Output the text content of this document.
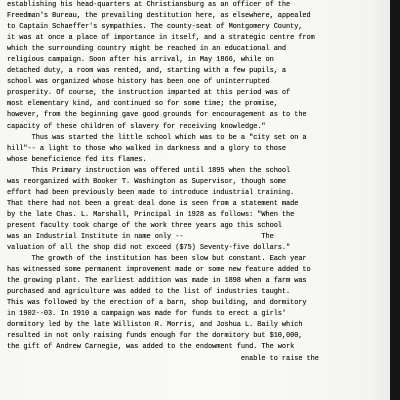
establishing his head-quarters at Christiansburg as an officer of the
Freedman's Bureau, the prevailing destitution here, as elsewhere, appealed
to Captain Schaeffer's sympathies. The county-seat of Montgomery County,
it was at once a place of importance in itself, and a strategic centre from
which the surrounding country might be reached in an educational and
religious campaign. Soon after his arrival, in May 1866, while on
detached duty, a room was rented, and, starting with a few pupils, a
school was organized whose history has been one of uninterrupted
prosperity. Of course, the instruction imparted at this period was of
most elementary kind, and continued so for some time; the promise,
however, from the beginning gave good grounds for encouragement as to the
capacity of these children of slavery for receiving knowledge."
Thus was started the little school which was to be a "city set on a
hill"-- a light to those who walked in darkness and a glory to those
whose beneficience fed its flames.
This Primary instruction was offered until 1895 when the school
was reorganized with Booker T. Washington as Supervisor, though some
effort had been previously been made to introduce industrial training.
That there had not been a great deal done is seen from a statement made
by the late Chas. L. Marshall, Principal in 1928 as follows: "When the
present faculty took charge of the work three years ago this school
was an Industrial Institute in name only --                   The
valuation of all the shop did not exceed ($75) Seventy-five dollars."
The growth of the institution has been slow but constant. Each year
has witnessed some permanent improvement made or some new feature added to
the growing plant. The earliest addition was made in 1898 when a farm was
purchased and agriculture was added to the list of industries taught.
This was followed by the erection of a barn, shop building, and dormitory
in 1902--03. In 1910 a campaign was made for funds to erect a girls'
dormitory led by the late Williston R. Morris, and Joshua L. Baily which
resulted in not only raising funds enough for the dormitory but $10,000,
the gift of Andrew Carnegie, was added to the endowment fund. The work
enable to raise the
